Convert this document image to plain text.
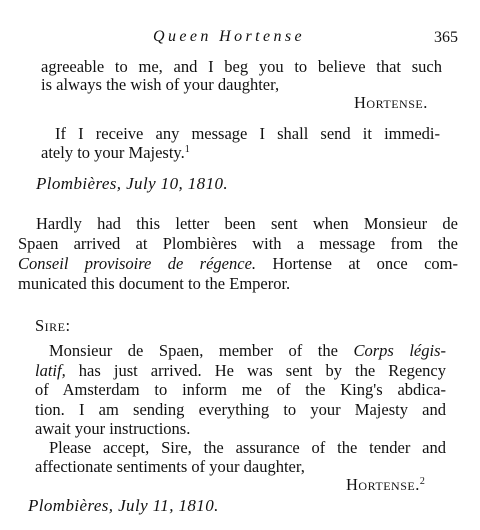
Queen Hortense	365
agreeable to me, and I beg you to believe that such
is always the wish of your daughter,
Hortense.
If I receive any message I shall send it immedi-
ately to your Majesty.$^1$
Plombières, July 10, 1810.
Hardly had this letter been sent when Monsieur de
Spaen arrived at Plombières with a message from the
Conseil provisoire de régence. Hortense at once com-
municated this document to the Emperor.
Sire:
Monsieur de Spaen, member of the Corps légis-
latif, has just arrived. He was sent by the Regency
of Amsterdam to inform me of the King's abdica-
tion. I am sending everything to your Majesty and
await your instructions.
Please accept, Sire, the assurance of the tender and
affectionate sentiments of your daughter,
Hortense.$^2$
Plombières, July 11, 1810.
